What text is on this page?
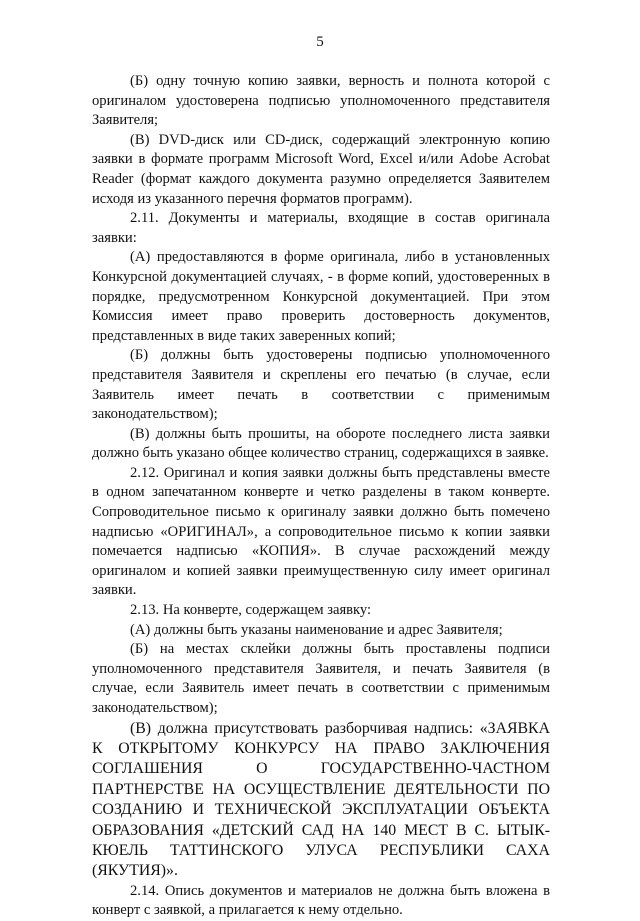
5

(Б) одну точную копию заявки, верность и полнота которой с оригиналом удостоверена подписью уполномоченного представителя Заявителя;

(В) DVD-диск или CD-диск, содержащий электронную копию заявки в формате программ Microsoft Word, Excel и/или Adobe Acrobat Reader (формат каждого документа разумно определяется Заявителем исходя из указанного перечня форматов программ).

2.11. Документы и материалы, входящие в состав оригинала заявки:

(А) предоставляются в форме оригинала, либо в установленных Конкурсной документацией случаях, - в форме копий, удостоверенных в порядке, предусмотренном Конкурсной документацией. При этом Комиссия имеет право проверить достоверность документов, представленных в виде таких заверенных копий;

(Б) должны быть удостоверены подписью уполномоченного представителя Заявителя и скреплены его печатью (в случае, если Заявитель имеет печать в соответствии с применимым законодательством);

(В) должны быть прошиты, на обороте последнего листа заявки должно быть указано общее количество страниц, содержащихся в заявке.

2.12. Оригинал и копия заявки должны быть представлены вместе в одном запечатанном конверте и четко разделены в таком конверте. Сопроводительное письмо к оригиналу заявки должно быть помечено надписью «ОРИГИНАЛ», а сопроводительное письмо к копии заявки помечается надписью «КОПИЯ». В случае расхождений между оригиналом и копией заявки преимущественную силу имеет оригинал заявки.

2.13. На конверте, содержащем заявку:

(А) должны быть указаны наименование и адрес Заявителя;

(Б) на местах склейки должны быть проставлены подписи уполномоченного представителя Заявителя, и печать Заявителя (в случае, если Заявитель имеет печать в соответствии с применимым законодательством);

(В) должна присутствовать разборчивая надпись: «ЗАЯВКА К ОТКРЫТОМУ КОНКУРСУ НА ПРАВО ЗАКЛЮЧЕНИЯ СОГЛАШЕНИЯ О ГОСУДАРСТВЕННО-ЧАСТНОМ ПАРТНЕРСТВЕ НА ОСУЩЕСТВЛЕНИЕ ДЕЯТЕЛЬНОСТИ ПО СОЗДАНИЮ И ТЕХНИЧЕСКОЙ ЭКСПЛУАТАЦИИ ОБЪЕКТА ОБРАЗОВАНИЯ «ДЕТСКИЙ САД НА 140 МЕСТ В С. ЫТЫК-КЮЕЛЬ ТАТТИНСКОГО УЛУСА РЕСПУБЛИКИ САХА (ЯКУТИЯ)».

2.14. Опись документов и материалов не должна быть вложена в конверт с заявкой, а прилагается к нему отдельно.
